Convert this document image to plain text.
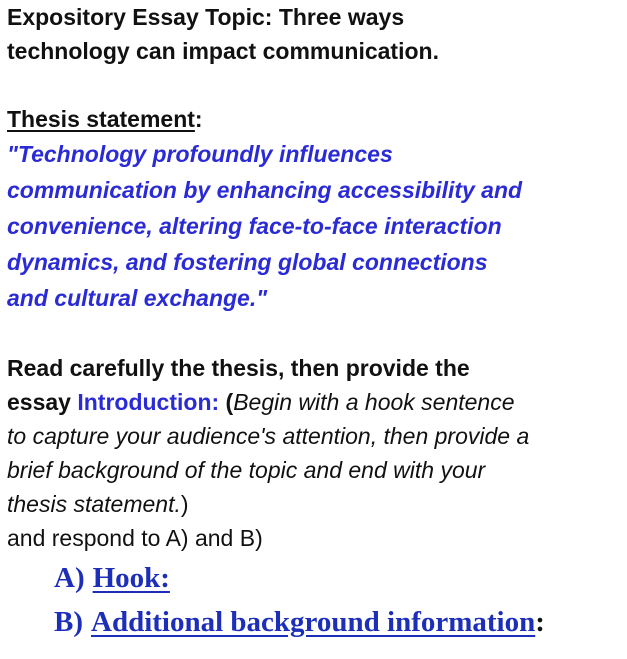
Expository Essay Topic: Three ways
technology can impact communication.
Thesis statement:
"Technology profoundly influences
communication by enhancing accessibility and
convenience, altering face-to-face interaction
dynamics, and fostering global connections
and cultural exchange."
Read carefully the thesis, then provide the
essay Introduction: (Begin with a hook sentence
to capture your audience's attention, then provide a
brief background of the topic and end with your
thesis statement.)
and respond to A) and B)
A) Hook:
B) Additional background information:
